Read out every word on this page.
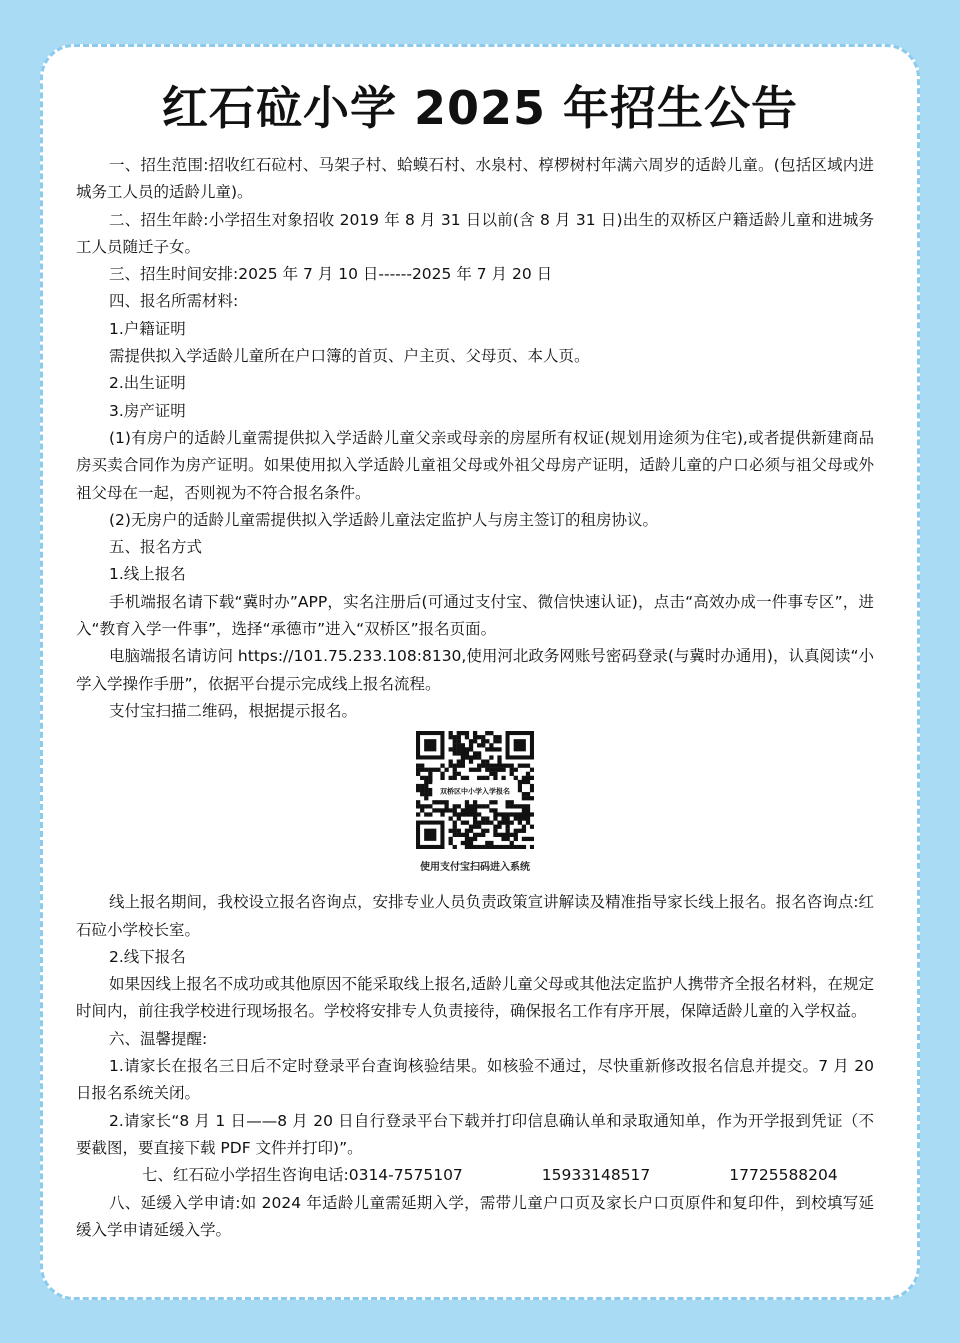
红石砬小学 2025 年招生公告

一、招生范围:招收红石砬村、马架子村、蛤蟆石村、水泉村、椁椤树村年满六周岁的适龄儿童。(包括区域内进城务工人员的适龄儿童)。

二、招生年龄:小学招生对象招收 2019 年 8 月 31 日以前(含 8 月 31 日)出生的双桥区户籍适龄儿童和进城务工人员随迁子女。

三、招生时间安排:2025 年 7 月 10 日------2025 年 7 月 20 日

四、报名所需材料:

1.户籍证明

需提供拟入学适龄儿童所在户口簿的首页、户主页、父母页、本人页。

2.出生证明

3.房产证明

(1)有房户的适龄儿童需提供拟入学适龄儿童父亲或母亲的房屋所有权证(规划用途须为住宅),或者提供新建商品房买卖合同作为房产证明。如果使用拟入学适龄儿童祖父母或外祖父母房产证明，适龄儿童的户口必须与祖父母或外祖父母在一起，否则视为不符合报名条件。

(2)无房户的适龄儿童需提供拟入学适龄儿童法定监护人与房主签订的租房协议。

五、报名方式

1.线上报名

手机端报名请下载“冀时办”APP，实名注册后(可通过支付宝、微信快速认证)，点击“高效办成一件事专区”，进入“教育入学一件事”，选择“承德市”进入“双桥区”报名页面。

电脑端报名请访问 https://101.75.233.108:8130,使用河北政务网账号密码登录(与冀时办通用)，认真阅读“小学入学操作手册”，依据平台提示完成线上报名流程。

支付宝扫描二维码，根据提示报名。

双桥区中小学入学报名
使用支付宝扫码进入系统

线上报名期间，我校设立报名咨询点，安排专业人员负责政策宣讲解读及精准指导家长线上报名。报名咨询点:红石砬小学校长室。

2.线下报名

如果因线上报名不成功或其他原因不能采取线上报名,适龄儿童父母或其他法定监护人携带齐全报名材料，在规定时间内，前往我学校进行现场报名。学校将安排专人负责接待，确保报名工作有序开展，保障适龄儿童的入学权益。

六、温馨提醒:

1.请家长在报名三日后不定时登录平台查询核验结果。如核验不通过，尽快重新修改报名信息并提交。7 月 20 日报名系统关闭。

2.请家长“8 月 1 日——8 月 20 日自行登录平台下载并打印信息确认单和录取通知单，作为开学报到凭证（不要截图，要直接下载 PDF 文件并打印)”。

七、红石砬小学招生咨询电话:0314-7575107	15933148517	17725588204

八、延缓入学申请:如 2024 年适龄儿童需延期入学，需带儿童户口页及家长户口页原件和复印件，到校填写延缓入学申请延缓入学。
